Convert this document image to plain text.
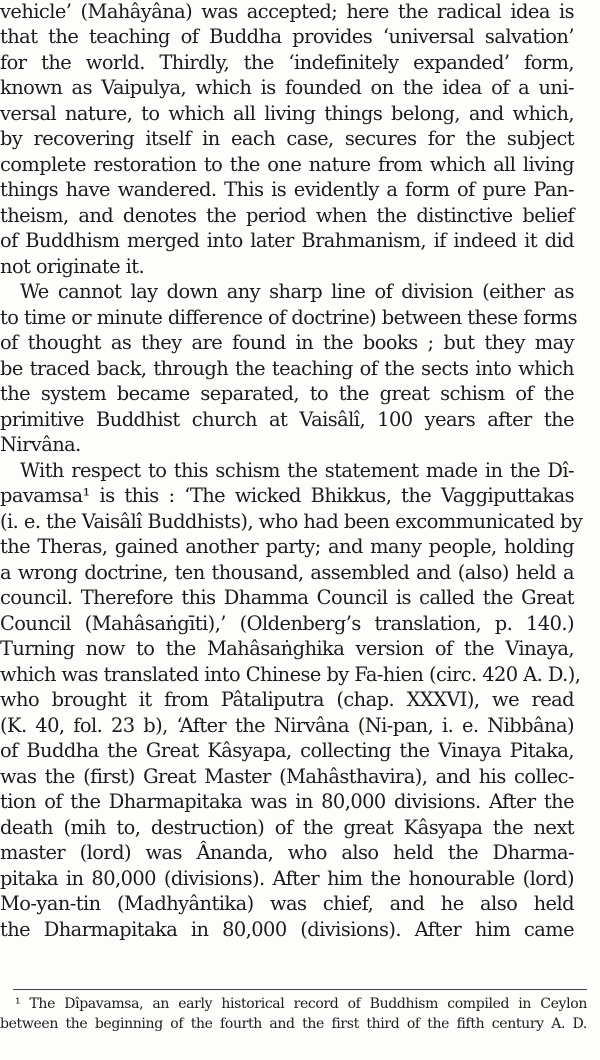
vehicle’ (Mahâyâna) was accepted; here the radical idea is
that the teaching of Buddha provides ‘universal salvation’
for the world. Thirdly, the ‘indefinitely expanded’ form,
known as Vaipulya, which is founded on the idea of a uni-
versal nature, to which all living things belong, and which,
by recovering itself in each case, secures for the subject
complete restoration to the one nature from which all living
things have wandered. This is evidently a form of pure Pan-
theism, and denotes the period when the distinctive belief
of Buddhism merged into later Brahmanism, if indeed it did
not originate it.
We cannot lay down any sharp line of division (either as
to time or minute difference of doctrine) between these forms
of thought as they are found in the books ; but they may
be traced back, through the teaching of the sects into which
the system became separated, to the great schism of the
primitive Buddhist church at Vaisâlî, 100 years after the
Nirvâna.
With respect to this schism the statement made in the Dî-
pavamsa¹ is this : ‘The wicked Bhikkus, the Vaggiputtakas
(i. e. the Vaisâlî Buddhists), who had been excommunicated by
the Theras, gained another party; and many people, holding
a wrong doctrine, ten thousand, assembled and (also) held a
council. Therefore this Dhamma Council is called the Great
Council (Mahâsaṅgīti),’ (Oldenberg’s translation, p. 140.)
Turning now to the Mahâsaṅghika version of the Vinaya,
which was translated into Chinese by Fa-hien (circ. 420 A. D.),
who brought it from Pâtaliputra (chap. XXXVI), we read
(K. 40, fol. 23 b), ‘After the Nirvâna (Ni-pan, i. e. Nibbâna)
of Buddha the Great Kâsyapa, collecting the Vinaya Pitaka,
was the (first) Great Master (Mahâsthavira), and his collec-
tion of the Dharmapitaka was in 80,000 divisions. After the
death (mih to, destruction) of the great Kâsyapa the next
master (lord) was Ânanda, who also held the Dharma-
pitaka in 80,000 (divisions). After him the honourable (lord)
Mo-yan-tin (Madhyântika) was chief, and he also held
the Dharmapitaka in 80,000 (divisions). After him came
¹ The Dîpavamsa, an early historical record of Buddhism compiled in Ceylon
between the beginning of the fourth and the first third of the fifth century A. D.
